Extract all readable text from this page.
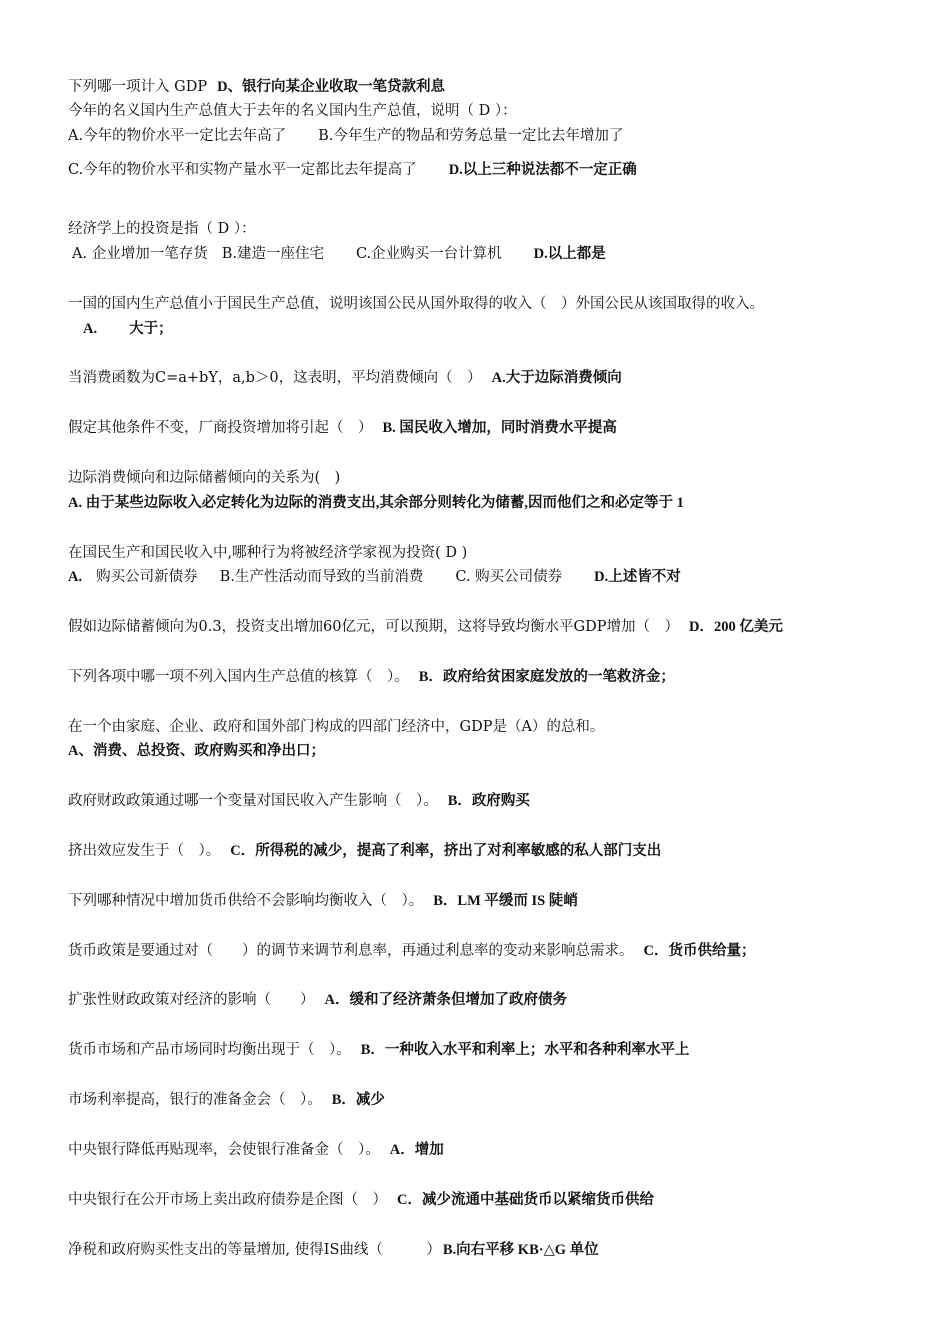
下列哪一项计入 GDP D、银行向某企业收取一笔贷款利息
今年的名义国内生产总值大于去年的名义国内生产总值，说明（ D ）：
A.今年的物价水平一定比去年高了 B.今年生产的物品和劳务总量一定比去年增加了
C.今年的物价水平和实物产量水平一定都比去年提高了 D.以上三种说法都不一定正确
经济学上的投资是指（ D ）：
A. 企业增加一笔存货 B.建造一座住宅 C.企业购买一台计算机 D.以上都是
一国的国内生产总值小于国民生产总值，说明该国公民从国外取得的收入（　）外国公民从该国取得的收入。
A. 大于；
当消费函数为C=a+bY，a,b＞0，这表明，平均消费倾向（　） A.大于边际消费倾向
假定其他条件不变，厂商投资增加将引起（　） B. 国民收入增加，同时消费水平提高
边际消费倾向和边际储蓄倾向的关系为(　)
A. 由于某些边际收入必定转化为边际的消费支出,其余部分则转化为储蓄,因而他们之和必定等于 1
在国民生产和国民收入中,哪种行为将被经济学家视为投资( D )
A. 购买公司新债券 B.生产性活动而导致的当前消费 C. 购买公司债券 D.上述皆不对
假如边际储蓄倾向为0.3，投资支出增加60亿元，可以预期，这将导致均衡水平GDP增加（　） D．200 亿美元
下列各项中哪一项不列入国内生产总值的核算（　）。 B．政府给贫困家庭发放的一笔救济金；
在一个由家庭、企业、政府和国外部门构成的四部门经济中，GDP是（A）的总和。
A、消费、总投资、政府购买和净出口；
政府财政政策通过哪一个变量对国民收入产生影响（　）。 B．政府购买
挤出效应发生于（　）。 C．所得税的减少，提高了利率，挤出了对利率敏感的私人部门支出
下列哪种情况中增加货币供给不会影响均衡收入（　）。 B．LM 平缓而 IS 陡峭
货币政策是要通过对（　　）的调节来调节利息率，再通过利息率的变动来影响总需求。 C．货币供给量；
扩张性财政政策对经济的影响（　　） A．缓和了经济萧条但增加了政府债务
货币市场和产品市场同时均衡出现于（　）。 B．一种收入水平和利率上；水平和各种利率水平上
市场利率提高，银行的准备金会（　）。 B．减少
中央银行降低再贴现率，会使银行准备金（　）。 A．增加
中央银行在公开市场上卖出政府债券是企图（　） C．减少流通中基础货币以紧缩货币供给
净税和政府购买性支出的等量增加, 使得IS曲线（　　　） B.向右平移 KB·△G 单位
